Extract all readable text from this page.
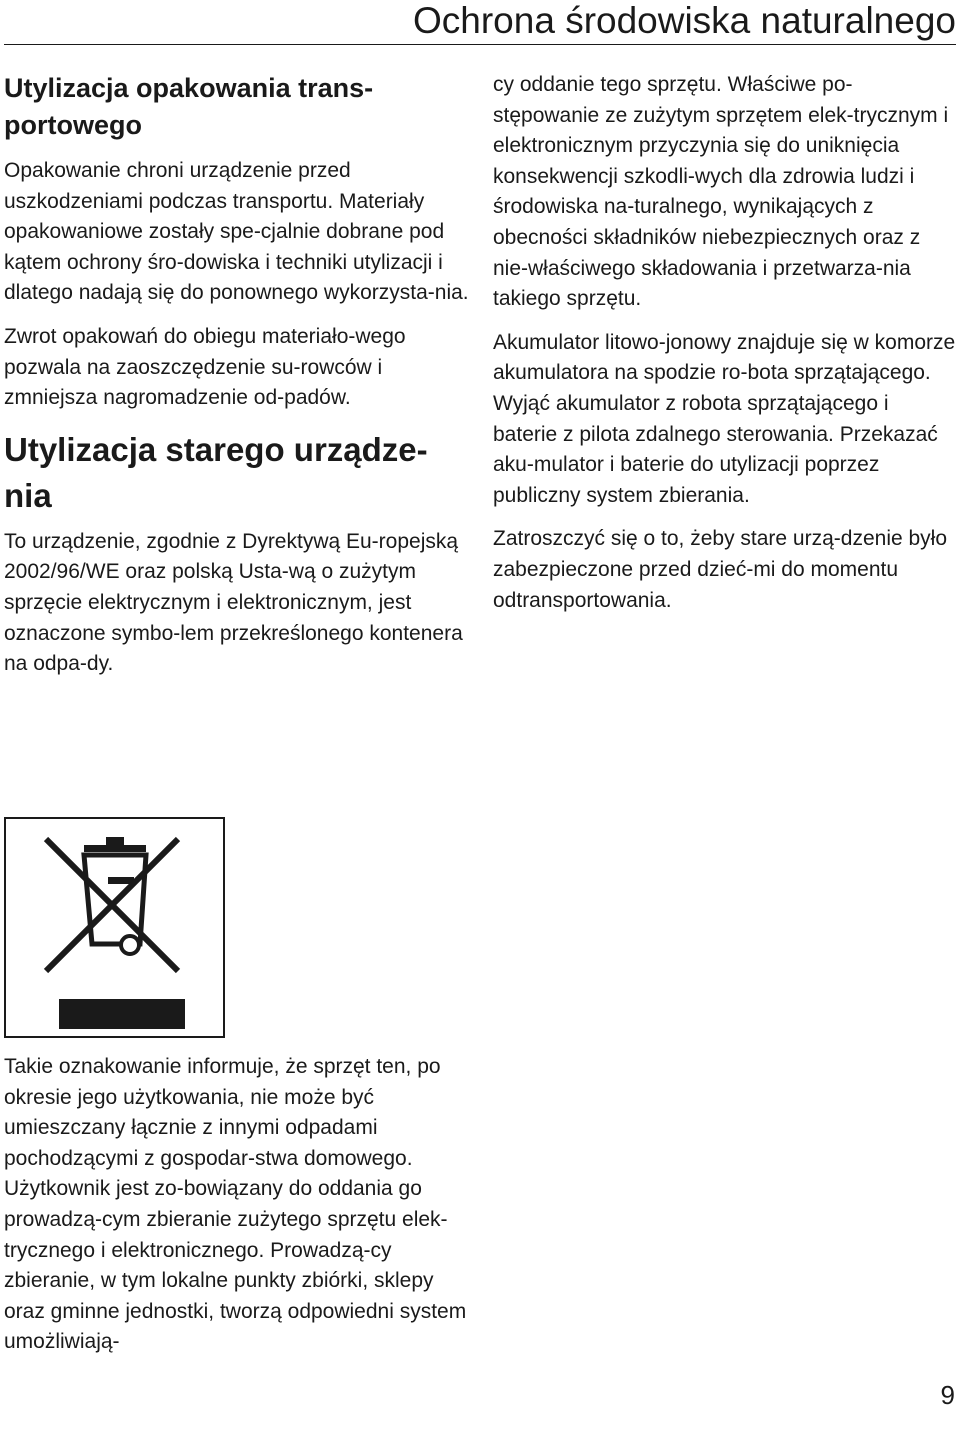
Ochrona środowiska naturalnego
Utylizacja opakowania trans-
portowego

Opakowanie chroni urządzenie przed uszkodzeniami podczas transportu. Materiały opakowaniowe zostały spe-cjalnie dobrane pod kątem ochrony śro-dowiska i techniki utylizacji i dlatego nadają się do ponownego wykorzysta-nia.

Zwrot opakowań do obiegu materiało-wego pozwala na zaoszczędzenie su-rowców i zmniejsza nagromadzenie od-padów.

Utylizacja starego urządze-
nia

To urządzenie, zgodnie z Dyrektywą Eu-ropejską 2002/96/WE oraz polską Usta-wą o zużytym sprzęcie elektrycznym i elektronicznym, jest oznaczone symbo-lem przekreślonego kontenera na odpa-dy.

Takie oznakowanie informuje, że sprzęt ten, po okresie jego użytkowania, nie może być umieszczany łącznie z innymi odpadami pochodzącymi z gospodar-stwa domowego. Użytkownik jest zo-bowiązany do oddania go prowadzą-cym zbieranie zużytego sprzętu elek-trycznego i elektronicznego. Prowadzą-cy zbieranie, w tym lokalne punkty zbiórki, sklepy oraz gminne jednostki, tworzą odpowiedni system umożliwiają-

cy oddanie tego sprzętu. Właściwe po-stępowanie ze zużytym sprzętem elek-trycznym i elektronicznym przyczynia się do uniknięcia konsekwencji szkodli-wych dla zdrowia ludzi i środowiska na-turalnego, wynikających z obecności składników niebezpiecznych oraz z nie-właściwego składowania i przetwarza-nia takiego sprzętu.

Akumulator litowo-jonowy znajduje się w komorze akumulatora na spodzie ro-bota sprzątającego. Wyjąć akumulator z robota sprzątającego i baterie z pilota zdalnego sterowania. Przekazać aku-mulator i baterie do utylizacji poprzez publiczny system zbierania.

Zatroszczyć się o to, żeby stare urzą-dzenie było zabezpieczone przed dzieć-mi do momentu odtransportowania.

9
